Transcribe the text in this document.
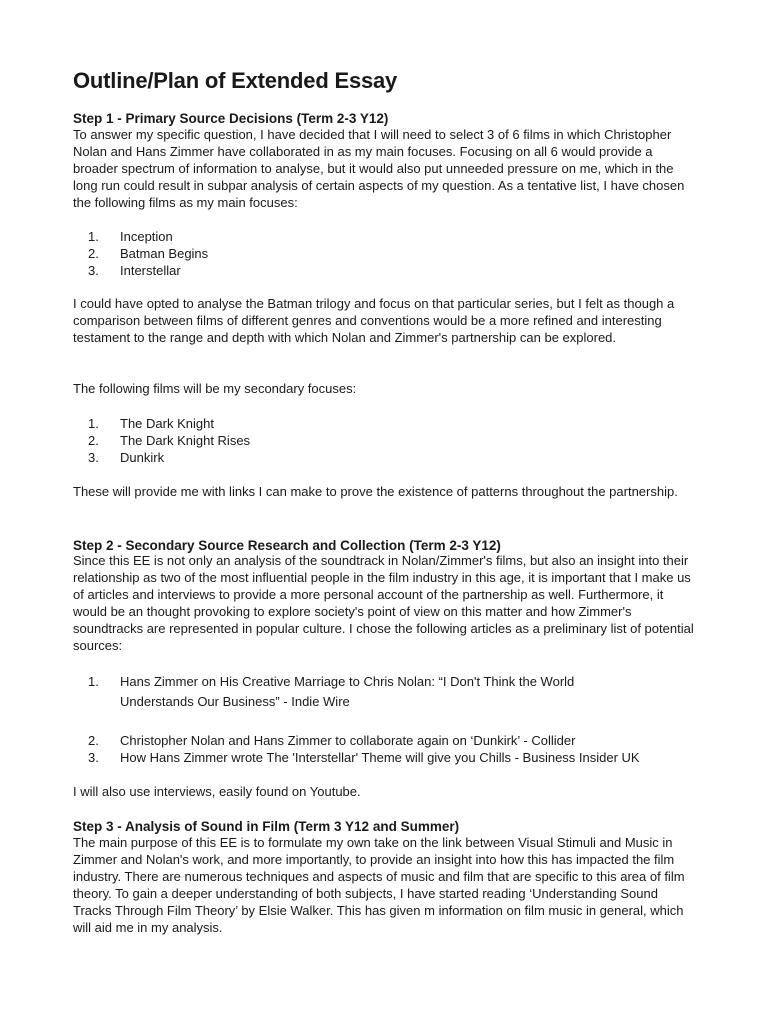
Outline/Plan of Extended Essay
Step 1 - Primary Source Decisions (Term 2-3 Y12)

To answer my specific question, I have decided that I will need to select 3 of 6 films in which Christopher Nolan and Hans Zimmer have collaborated in as my main focuses. Focusing on all 6 would provide a broader spectrum of information to analyse, but it would also put unneeded pressure on me, which in the long run could result in subpar analysis of certain aspects of my question. As a tentative list, I have chosen the following films as my main focuses:

1. Inception
2. Batman Begins
3. Interstellar

I could have opted to analyse the Batman trilogy and focus on that particular series, but I felt as though a comparison between films of different genres and conventions would be a more refined and interesting testament to the range and depth with which Nolan and Zimmer's partnership can be explored.

The following films will be my secondary focuses:

1. The Dark Knight
2. The Dark Knight Rises
3. Dunkirk

These will provide me with links I can make to prove the existence of patterns throughout the partnership.

Step 2 - Secondary Source Research and Collection (Term 2-3 Y12)

Since this EE is not only an analysis of the soundtrack in Nolan/Zimmer's films, but also an insight into their relationship as two of the most influential people in the film industry in this age, it is important that I make us of articles and interviews to provide a more personal account of the partnership as well. Furthermore, it would be an thought provoking to explore society's point of view on this matter and how Zimmer's soundtracks are represented in popular culture. I chose the following articles as a preliminary list of potential sources:

1. Hans Zimmer on His Creative Marriage to Chris Nolan: “I Don't Think the World Understands Our Business” - Indie Wire
2. Christopher Nolan and Hans Zimmer to collaborate again on ‘Dunkirk’ - Collider
3. How Hans Zimmer wrote The 'Interstellar' Theme will give you Chills - Business Insider UK

I will also use interviews, easily found on Youtube.

Step 3 - Analysis of Sound in Film (Term 3 Y12 and Summer)

The main purpose of this EE is to formulate my own take on the link between Visual Stimuli and Music in Zimmer and Nolan's work, and more importantly, to provide an insight into how this has impacted the film industry. There are numerous techniques and aspects of music and film that are specific to this area of film theory. To gain a deeper understanding of both subjects, I have started reading ‘Understanding Sound Tracks Through Film Theory’ by Elsie Walker. This has given m information on film music in general, which will aid me in my analysis.
